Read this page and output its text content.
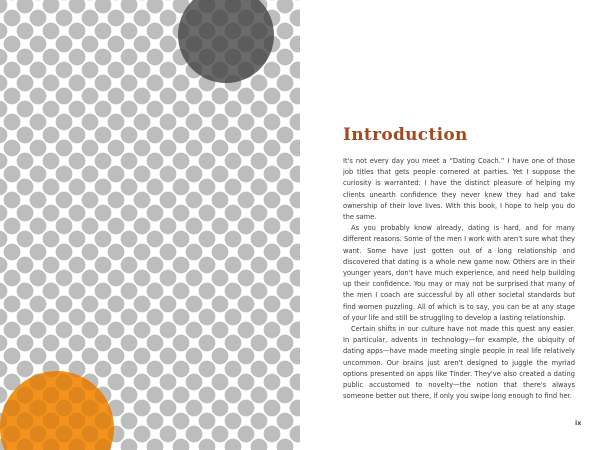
Introduction

It's not every day you meet a “Dating Coach.” I have one of those job titles that gets people cornered at parties. Yet I suppose the curiosity is warranted: I have the distinct pleasure of helping my clients unearth confidence they never knew they had and take ownership of their love lives. With this book, I hope to help you do the same.

As you probably know already, dating is hard, and for many different reasons. Some of the men I work with aren't sure what they want. Some have just gotten out of a long relationship and discovered that dating is a whole new game now. Others are in their younger years, don't have much experience, and need help building up their confidence. You may or may not be surprised that many of the men I coach are successful by all other societal standards but find women puzzling. All of which is to say, you can be at any stage of your life and still be struggling to develop a lasting relationship.

Certain shifts in our culture have not made this quest any easier. In particular, advents in technology—for example, the ubiquity of dating apps—have made meeting single people in real life relatively uncommon. Our brains just aren't designed to juggle the myriad options presented on apps like Tinder. They've also created a dating public accustomed to novelty—the notion that there's always someone better out there, if only you swipe long enough to find her.

ix
